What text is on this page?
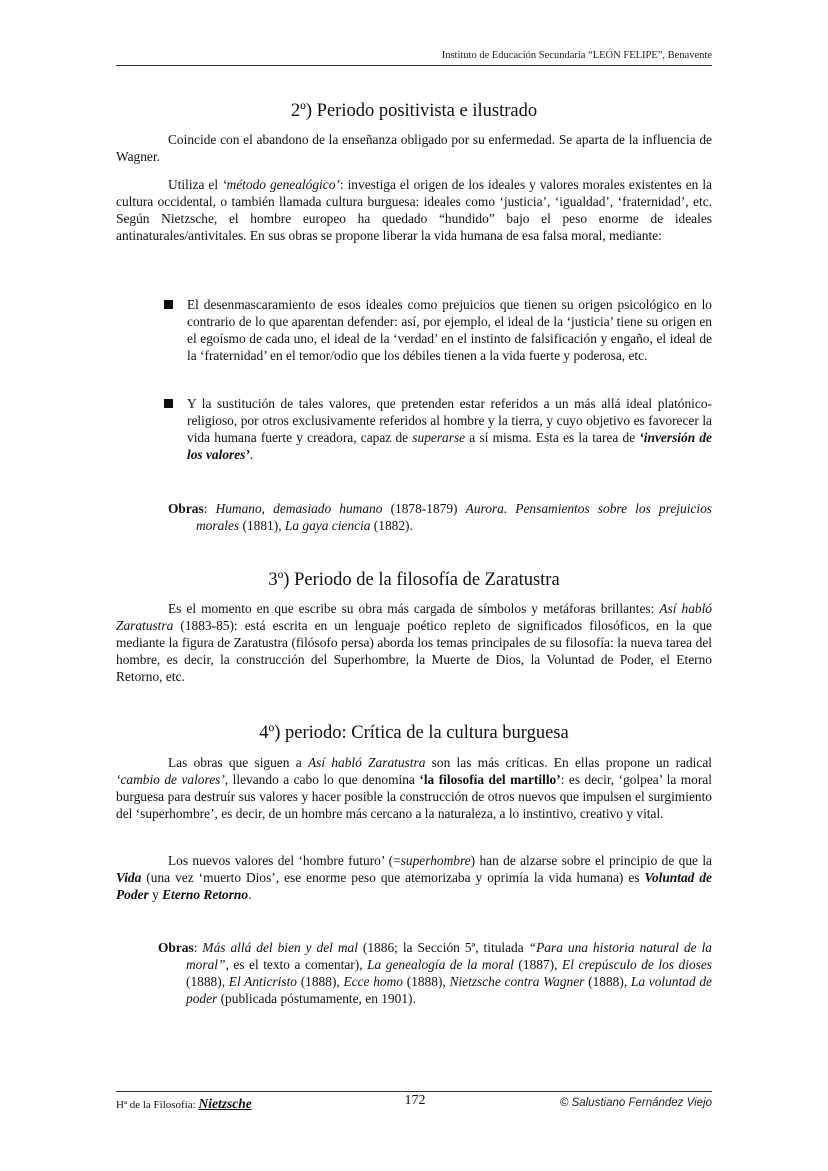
Instituto de Educación Secundaria “LEÓN FELIPE”, Benavente
2º) Periodo positivista e ilustrado

Coincide con el abandono de la enseñanza obligado por su enfermedad. Se aparta de la influencia de Wagner.

Utiliza el ‘método genealógico’: investiga el origen de los ideales y valores morales existentes en la cultura occidental, o también llamada cultura burguesa: ideales como ‘justicia’, ‘igualdad’, ‘fraternidad’, etc. Según Nietzsche, el hombre europeo ha quedado “hundido” bajo el peso enorme de ideales antinaturales/antivitales. En sus obras se propone liberar la vida humana de esa falsa moral, mediante:

El desenmascaramiento de esos ideales como prejuicios que tienen su origen psicológico en lo contrario de lo que aparentan defender: así, por ejemplo, el ideal de la ‘justicia’ tiene su origen en el egoísmo de cada uno, el ideal de la ‘verdad’ en el instinto de falsificación y engaño, el ideal de la ‘fraternidad’ en el temor/odio que los débiles tienen a la vida fuerte y poderosa, etc.
Y la sustitución de tales valores, que pretenden estar referidos a un más allá ideal platónico-religioso, por otros exclusivamente referidos al hombre y la tierra, y cuyo objetivo es favorecer la vida humana fuerte y creadora, capaz de superarse a sí misma. Esta es la tarea de ‘inversión de los valores’.

Obras: Humano, demasiado humano (1878-1879) Aurora. Pensamientos sobre los prejuicios morales (1881), La gaya ciencia (1882).

3º) Periodo de la filosofía de Zaratustra

Es el momento en que escribe su obra más cargada de símbolos y metáforas brillantes: Así habló Zaratustra (1883-85): está escrita en un lenguaje poético repleto de significados filosóficos, en la que mediante la figura de Zaratustra (filósofo persa) aborda los temas principales de su filosofía: la nueva tarea del hombre, es decir, la construcción del Superhombre, la Muerte de Dios, la Voluntad de Poder, el Eterno Retorno, etc.

4º) periodo: Crítica de la cultura burguesa

Las obras que siguen a Así habló Zaratustra son las más críticas. En ellas propone un radical ‘cambio de valores’, llevando a cabo lo que denomina ‘la filosofía del martillo’: es decir, ‘golpea’ la moral burguesa para destruír sus valores y hacer posible la construcción de otros nuevos que impulsen el surgimiento del ‘superhombre’, es decir, de un hombre más cercano a la naturaleza, a lo instintivo, creativo y vital.

Los nuevos valores del ‘hombre futuro’ (=superhombre) han de alzarse sobre el principio de que la Vida (una vez ‘muerto Dios’, ese enorme peso que atemorizaba y oprimía la vida humana) es Voluntad de Poder y Eterno Retorno.

Obras: Más allá del bien y del mal (1886; la Sección 5ª, titulada “Para una historia natural de la moral”, es el texto a comentar), La genealogía de la moral (1887), El crepúsculo de los dioses (1888), El Anticristo (1888), Ecce homo (1888), Nietzsche contra Wagner (1888), La voluntad de poder (publicada póstumamente, en 1901).

Hª de la Filosofía: Nietzsche	172	© Salustiano Fernández Viejo
